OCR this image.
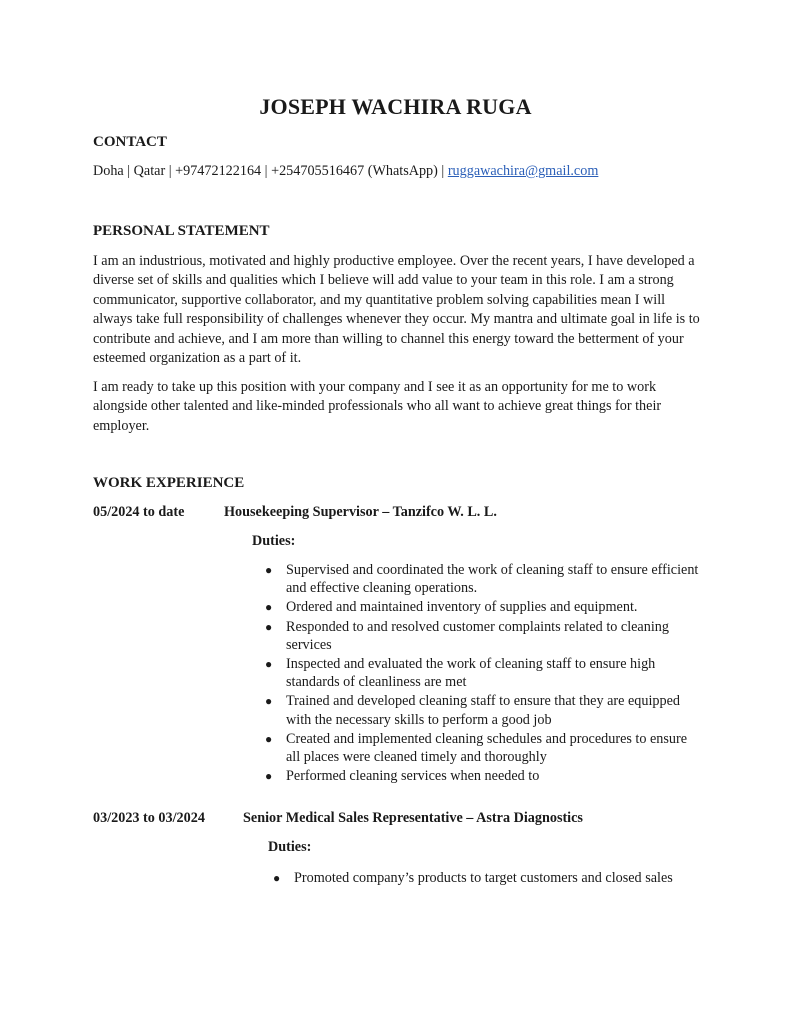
JOSEPH WACHIRA RUGA
CONTACT
Doha | Qatar | +97472122164 | +254705516467 (WhatsApp) | ruggawachira@gmail.com
PERSONAL STATEMENT

I am an industrious, motivated and highly productive employee. Over the recent years, I have developed a diverse set of skills and qualities which I believe will add value to your team in this role. I am a strong communicator, supportive collaborator, and my quantitative problem solving capabilities mean I will always take full responsibility of challenges whenever they occur. My mantra and ultimate goal in life is to contribute and achieve, and I am more than willing to channel this energy toward the betterment of your esteemed organization as a part of it.

I am ready to take up this position with your company and I see it as an opportunity for me to work alongside other talented and like-minded professionals who all want to achieve great things for their employer.

WORK EXPERIENCE
05/2024 to date	Housekeeping Supervisor – Tanzifco W. L. L.
Duties:
● Supervised and coordinated the work of cleaning staff to ensure efficient and effective cleaning operations.
● Ordered and maintained inventory of supplies and equipment.
● Responded to and resolved customer complaints related to cleaning services
● Inspected and evaluated the work of cleaning staff to ensure high standards of cleanliness are met
● Trained and developed cleaning staff to ensure that they are equipped with the necessary skills to perform a good job
● Created and implemented cleaning schedules and procedures to ensure all places were cleaned timely and thoroughly
● Performed cleaning services when needed to
03/2023 to 03/2024	Senior Medical Sales Representative – Astra Diagnostics
Duties:
● Promoted company’s products to target customers and closed sales
